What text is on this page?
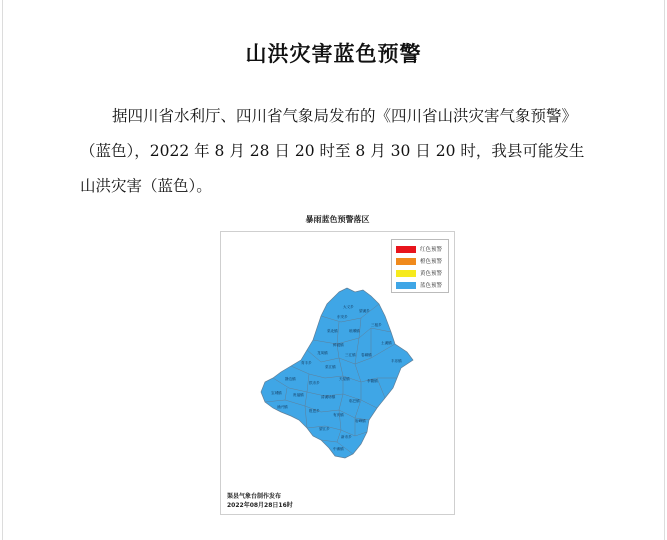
山洪灾害蓝色预警
据四川省水利厅、四川省气象局发布的《四川省山洪灾害气象预警》（蓝色），2022 年 8 月 28 日 20 时至 8 月 30 日 20 时，我县可能发生山洪灾害（蓝色）。
暴雨蓝色预警落区
大义乡
望溪乡
东安乡
三板乡
渠北镇	琅琊镇
鲜渡镇	土溪镇
龙凤镇	三汇镇
青丰乡
卷硐镇
渠江镇
丰乐镇
静边镇
拱市乡
天星镇	李馥镇
宝城镇	贵福镇	清溪场镇
临巴镇
涌兴镇
报恩乡
有庆镇
岩峰镇
望江乡
新市乡
中滩镇
红色预警
橙色预警
黄色预警
蓝色预警
渠县气象台制作发布
2022年08月28日16时
